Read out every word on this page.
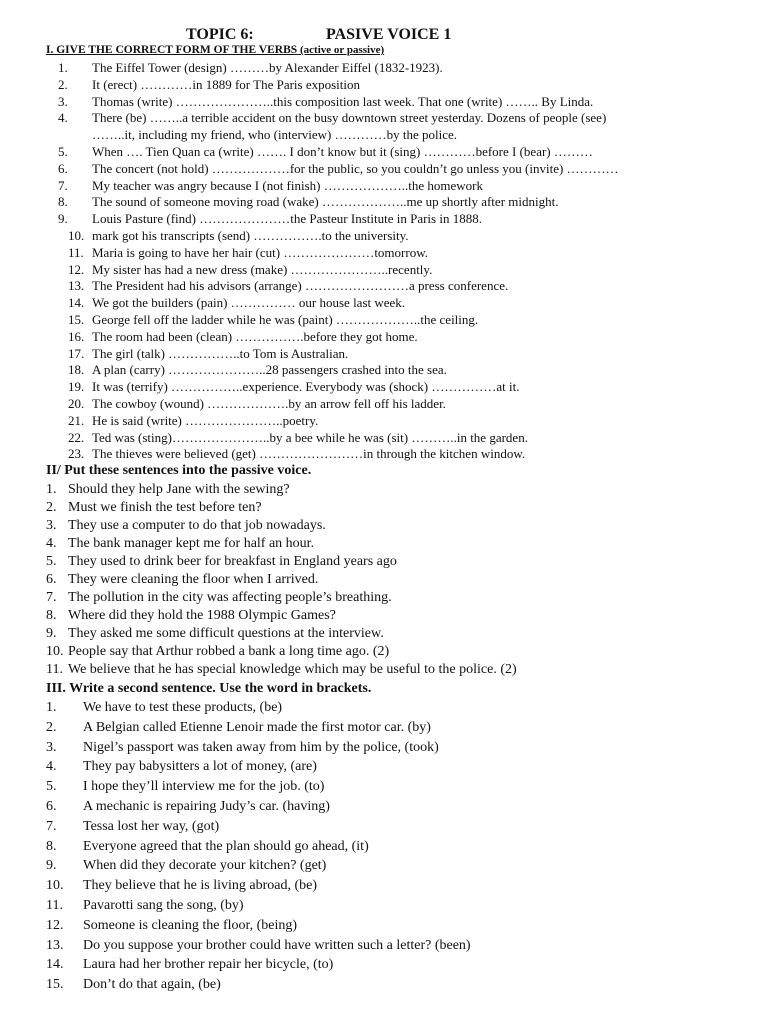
TOPIC 6:	PASIVE VOICE 1
I. GIVE THE CORRECT FORM OF THE VERBS (active or passive)
1.	The Eiffel Tower (design) ………by Alexander Eiffel (1832-1923).
2.	It (erect) …………in 1889 for The Paris exposition
3.	Thomas (write) …………………..this composition last week. That one (write) …….. By Linda.
4.	There (be) ……..a terrible accident on the busy downtown street yesterday. Dozens of people (see)
……..it, including my friend, who (interview) …………by the police.
5.	When …. Tien Quan ca (write) ……. I don’t know but it (sing) …………before I (bear) ………
6.	The concert (not hold) ………………for the public, so you couldn’t go unless you (invite) …………
7.	My teacher was angry because I (not finish) ………………..the homework
8.	The sound of someone moving road (wake) ………………..me up shortly after midnight.
9.	Louis Pasture (find) …………………the Pasteur Institute in Paris in 1888.
10. mark got his transcripts (send) …………….to the university.
11. Maria is going to have her hair (cut) …………………tomorrow.
12. My sister has had a new dress (make) …………………..recently.
13. The President had his advisors (arrange) ……………………a press conference.
14. We got the builders (pain) …………… our house last week.
15. George fell off the ladder while he was (paint) ………………..the ceiling.
16. The room had been (clean) …………….before they got home.
17. The girl (talk) ……………..to Tom is Australian.
18. A plan (carry) …………………..28 passengers crashed into the sea.
19. It was (terrify) ……………..experience. Everybody was (shock) ……………at it.
20. The cowboy (wound) ……………….by an arrow fell off his ladder.
21. He is said (write) …………………..poetry.
22. Ted was (sting)…………………..by a bee while he was (sit) ………..in the garden.
23. The thieves were believed (get) ……………………in through the kitchen window.
II/ Put these sentences into the passive voice.
1. Should they help Jane with the sewing?
2. Must we finish the test before ten?
3. They use a computer to do that job nowadays.
4. The bank manager kept me for half an hour.
5. They used to drink beer for breakfast in England years ago
6. They were cleaning the floor when I arrived.
7. The pollution in the city was affecting people’s breathing.
8. Where did they hold the 1988 Olympic Games?
9. They asked me some difficult questions at the interview.
10. People say that Arthur robbed a bank a long time ago. (2)
11. We believe that he has special knowledge which may be useful to the police. (2)
III. Write a second sentence. Use the word in brackets.
1. We have to test these products, (be)
2. A Belgian called Etienne Lenoir made the first motor car. (by)
3. Nigel’s passport was taken away from him by the police, (took)
4. They pay babysitters a lot of money, (are)
5. I hope they’ll interview me for the job. (to)
6. A mechanic is repairing Judy’s car. (having)
7. Tessa lost her way, (got)
8. Everyone agreed that the plan should go ahead, (it)
9. When did they decorate your kitchen? (get)
10. They believe that he is living abroad, (be)
11. Pavarotti sang the song, (by)
12. Someone is cleaning the floor, (being)
13. Do you suppose your brother could have written such a letter? (been)
14. Laura had her brother repair her bicycle, (to)
15. Don’t do that again, (be)
